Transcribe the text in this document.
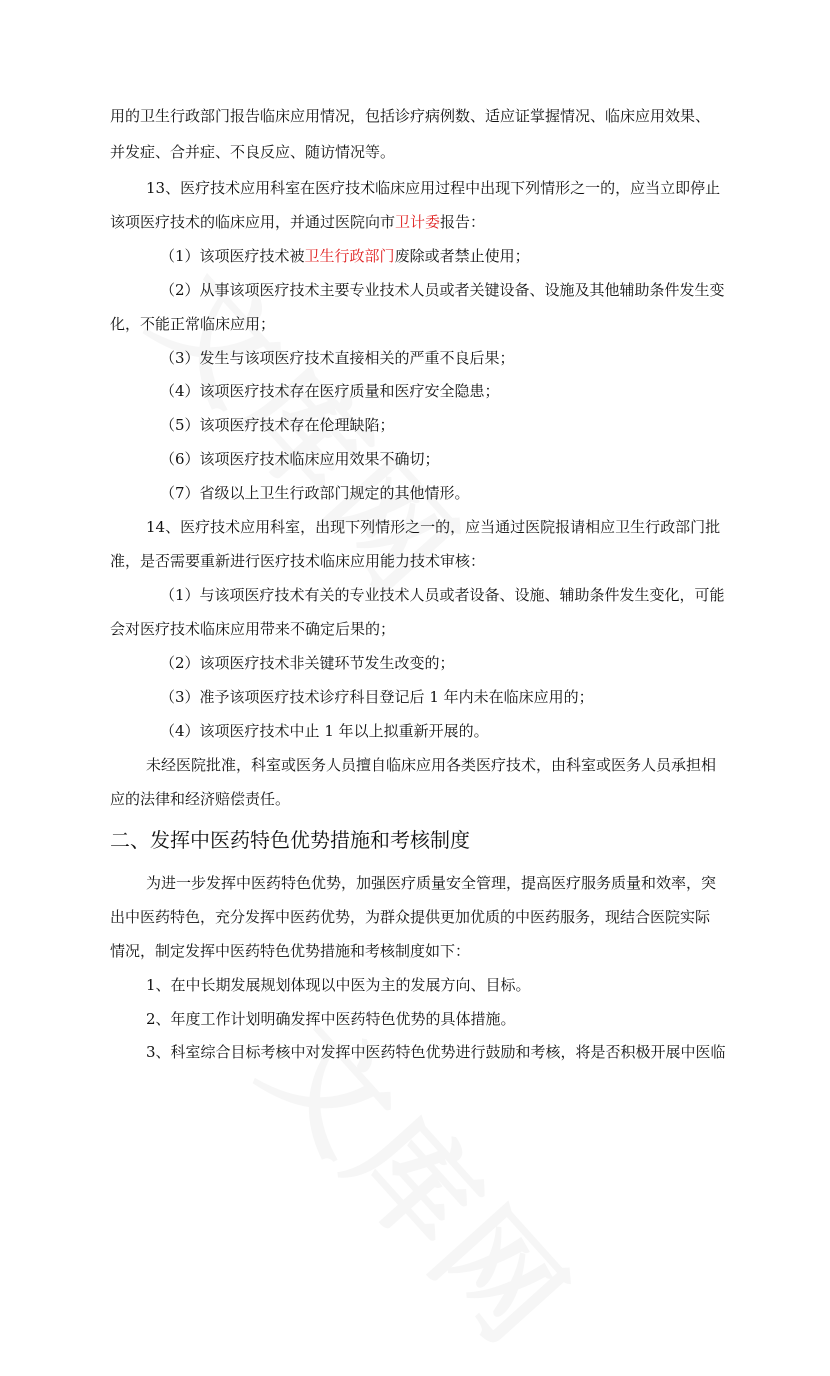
用的卫生行政部门报告临床应用情况，包括诊疗病例数、适应证掌握情况、临床应用效果、
并发症、合并症、不良反应、随访情况等。
13、医疗技术应用科室在医疗技术临床应用过程中出现下列情形之一的，应当立即停止
该项医疗技术的临床应用，并通过医院向市卫计委报告：
（1）该项医疗技术被卫生行政部门废除或者禁止使用；
（2）从事该项医疗技术主要专业技术人员或者关键设备、设施及其他辅助条件发生变
化，不能正常临床应用；
（3）发生与该项医疗技术直接相关的严重不良后果；
（4）该项医疗技术存在医疗质量和医疗安全隐患；
（5）该项医疗技术存在伦理缺陷；
（6）该项医疗技术临床应用效果不确切；
（7）省级以上卫生行政部门规定的其他情形。
14、医疗技术应用科室，出现下列情形之一的，应当通过医院报请相应卫生行政部门批
准，是否需要重新进行医疗技术临床应用能力技术审核：
（1）与该项医疗技术有关的专业技术人员或者设备、设施、辅助条件发生变化，可能
会对医疗技术临床应用带来不确定后果的；
（2）该项医疗技术非关键环节发生改变的；
（3）准予该项医疗技术诊疗科目登记后 1 年内未在临床应用的；
（4）该项医疗技术中止 1 年以上拟重新开展的。
未经医院批准，科室或医务人员擅自临床应用各类医疗技术，由科室或医务人员承担相
应的法律和经济赔偿责任。
二、发挥中医药特色优势措施和考核制度
为进一步发挥中医药特色优势，加强医疗质量安全管理，提高医疗服务质量和效率，突
出中医药特色，充分发挥中医药优势，为群众提供更加优质的中医药服务，现结合医院实际
情况，制定发挥中医药特色优势措施和考核制度如下：
1、在中长期发展规划体现以中医为主的发展方向、目标。
2、年度工作计划明确发挥中医药特色优势的具体措施。
3、科室综合目标考核中对发挥中医药特色优势进行鼓励和考核，将是否积极开展中医临
